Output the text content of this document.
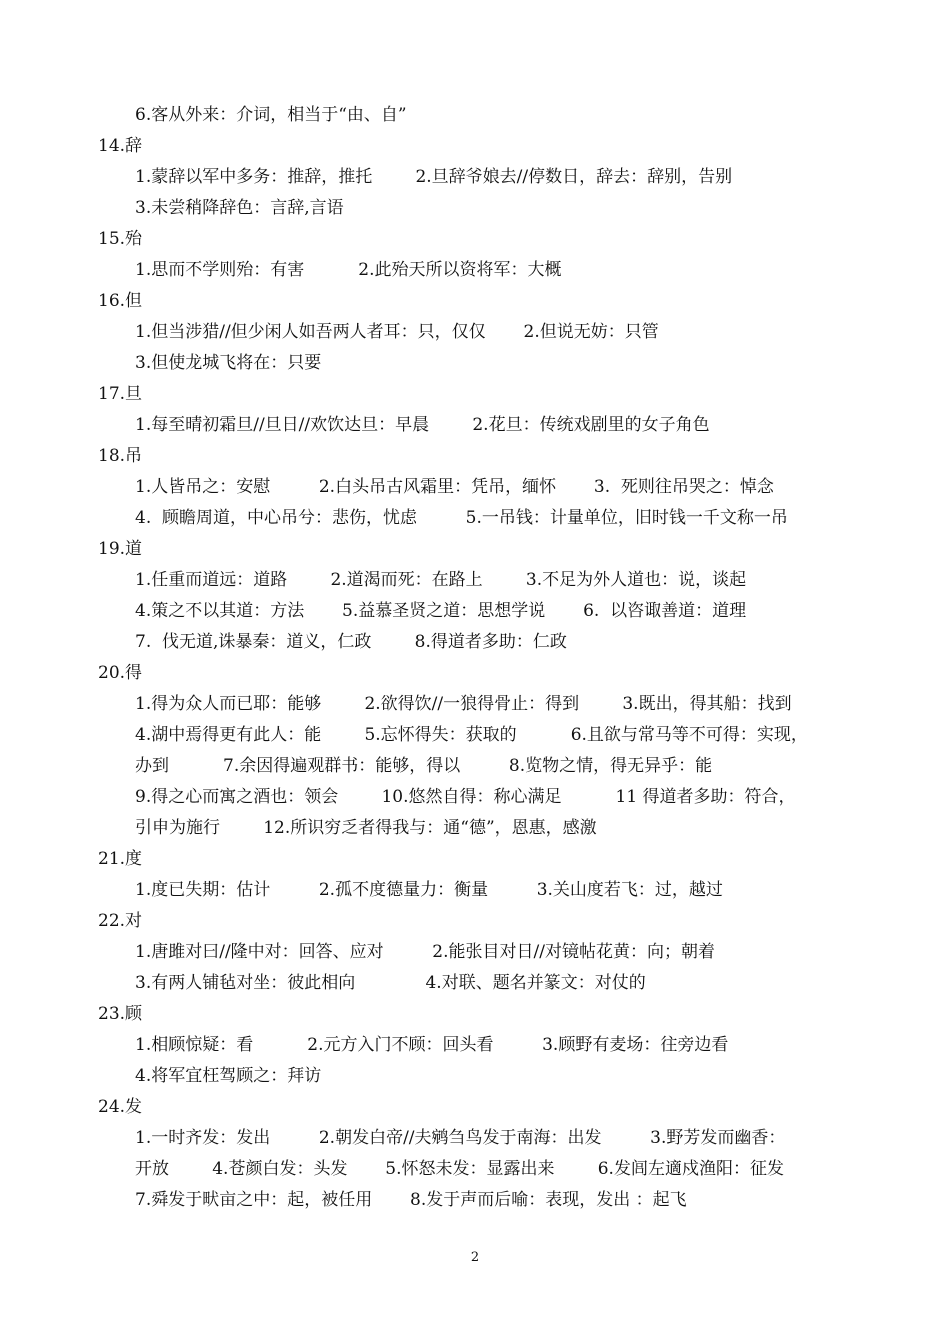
6.客从外来：介词，相当于“由、自”
14.辞
1.蒙辞以军中多务：推辞，推托        2.旦辞爷娘去//停数日，辞去：辞别，告别
3.未尝稍降辞色：言辞,言语
15.殆
1.思而不学则殆：有害          2.此殆天所以资将军：大概
16.但
1.但当涉猎//但少闲人如吾两人者耳：只，仅仅       2.但说无妨：只管
3.但使龙城飞将在：只要
17.旦
1.每至晴初霜旦//旦日//欢饮达旦：早晨        2.花旦：传统戏剧里的女子角色
18.吊
1.人皆吊之：安慰         2.白头吊古风霜里：凭吊，缅怀       3.  死则往吊哭之：悼念
4.  顾瞻周道，中心吊兮：悲伤，忧虑         5.一吊钱：计量单位，旧时钱一千文称一吊
19.道
1.任重而道远：道路        2.道渴而死：在路上        3.不足为外人道也：说，谈起
4.策之不以其道：方法       5.益慕圣贤之道：思想学说       6.  以咨诹善道：道理
7.  伐无道,诛暴秦：道义，仁政        8.得道者多助：仁政
20.得
1.得为众人而已耶：能够        2.欲得饮//一狼得骨止：得到        3.既出，得其船：找到
4.湖中焉得更有此人：能        5.忘怀得失：获取的          6.且欲与常马等不可得：实现，
办到          7.余因得遍观群书：能够，得以         8.览物之情，得无异乎：能
9.得之心而寓之酒也：领会        10.悠然自得：称心满足          11 得道者多助：符合，
引申为施行        12.所识穷乏者得我与：通“德”，恩惠，感激
21.度
1.度已失期：估计         2.孤不度德量力：衡量         3.关山度若飞：过，越过
22.对
1.唐雎对曰//隆中对：回答、应对         2.能张目对日//对镜帖花黄：向；朝着
3.有两人铺毡对坐：彼此相向             4.对联、题名并篆文：对仗的
23.顾
1.相顾惊疑：看          2.元方入门不顾：回头看         3.顾野有麦场：往旁边看
4.将军宜枉驾顾之：拜访
24.发
1.一时齐发：发出         2.朝发白帝//夫鹓刍鸟发于南海：出发         3.野芳发而幽香：
开放        4.苍颜白发：头发       5.怀怒未发：显露出来        6.发闾左適戍渔阳：征发
7.舜发于畎亩之中：起，被任用       8.发于声而后喻：表现，发出 ：起飞
2
